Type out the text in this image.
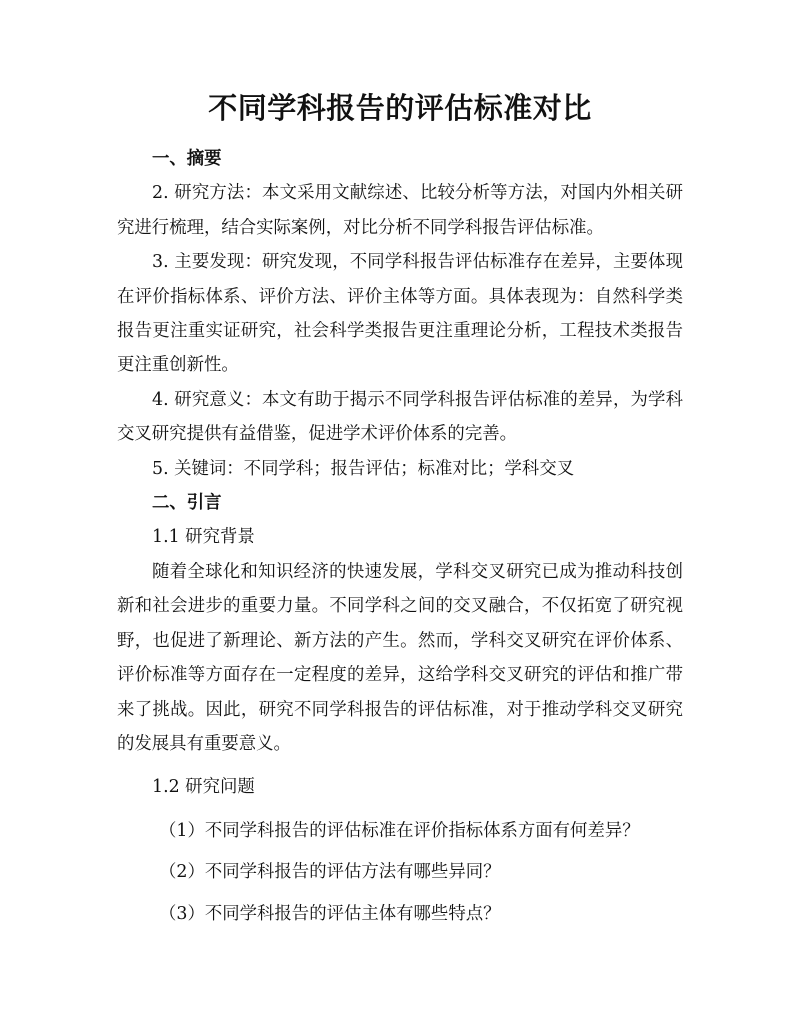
不同学科报告的评估标准对比

一、摘要

2. 研究方法：本文采用文献综述、比较分析等方法，对国内外相关研究进行梳理，结合实际案例，对比分析不同学科报告评估标准。

3. 主要发现：研究发现，不同学科报告评估标准存在差异，主要体现在评价指标体系、评价方法、评价主体等方面。具体表现为：自然科学类报告更注重实证研究，社会科学类报告更注重理论分析，工程技术类报告更注重创新性。

4. 研究意义：本文有助于揭示不同学科报告评估标准的差异，为学科交叉研究提供有益借鉴，促进学术评价体系的完善。

5. 关键词：不同学科；报告评估；标准对比；学科交叉

二、引言

1.1 研究背景

随着全球化和知识经济的快速发展，学科交叉研究已成为推动科技创新和社会进步的重要力量。不同学科之间的交叉融合，不仅拓宽了研究视野，也促进了新理论、新方法的产生。然而，学科交叉研究在评价体系、评价标准等方面存在一定程度的差异，这给学科交叉研究的评估和推广带来了挑战。因此，研究不同学科报告的评估标准，对于推动学科交叉研究的发展具有重要意义。

1.2 研究问题

（1）不同学科报告的评估标准在评价指标体系方面有何差异？

（2）不同学科报告的评估方法有哪些异同？

（3）不同学科报告的评估主体有哪些特点？
